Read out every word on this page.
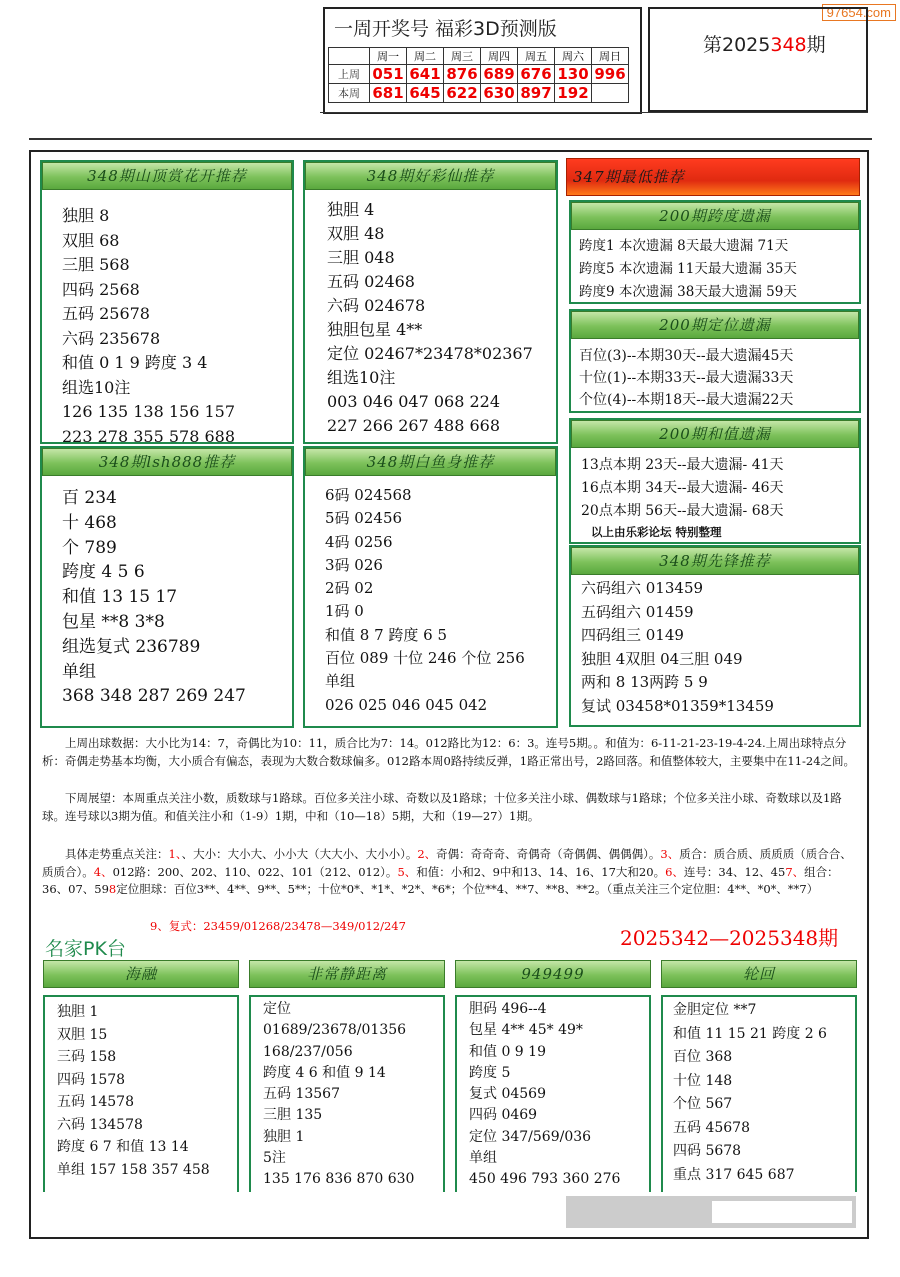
97654.com
一周开奖号 福彩3D预测版
	周一	周二	周三	周四	周五	周六	周日
上周	051	641	876	689	676	130	996
本周	681	645	622	630	897	192	
第2025348期
348期山顶赏花开推荐
独胆 8
双胆 68
三胆 568
四码 2568
五码 25678
六码 235678
和值 0 1 9 跨度 3 4
组选10注
126 135 138 156 157
223 278 355 578 688
348期好彩仙推荐
独胆 4
双胆 48
三胆 048
五码 02468
六码 024678
独胆包星 4**
定位 02467*23478*02367
组选10注
003 046 047 068 224
227 266 267 488 668
348期lsh888推荐
百 234
十 468
个 789
跨度 4 5 6
和值 13 15 17
包星 **8 3*8
组选复式 236789
单组
368 348 287 269 247
348期白鱼身推荐
6码 024568
5码 02456
4码 0256
3码 026
2码 02
1码 0
和值 8 7 跨度 6 5
百位 089 十位 246 个位 256
单组
026 025 046 045 042
347期最低推荐
200期跨度遗漏
跨度1 本次遗漏 8天最大遗漏 71天
跨度5 本次遗漏 11天最大遗漏 35天
跨度9 本次遗漏 38天最大遗漏 59天
200期定位遗漏
百位(3)--本期30天--最大遗漏45天
十位(1)--本期33天--最大遗漏33天
个位(4)--本期18天--最大遗漏22天
200期和值遗漏
13点本期 23天--最大遗漏- 41天
16点本期 34天--最大遗漏- 46天
20点本期 56天--最大遗漏- 68天
以上由乐彩论坛 特别整理
348期先锋推荐
六码组六 013459
五码组六 01459
四码组三 0149
独胆 4双胆 04三胆 049
两和 8 13两跨 5 9
复试 03458*01359*13459
上周出球数据：大小比为14：7，奇偶比为10：11，质合比为7：14。012路比为12：6：3。连号5期。。和值为：6-11-21-23-19-4-24.上周出球特点分析：奇偶走势基本均衡，大小质合有偏态，表现为大数合数球偏多。012路本周0路持续反弹，1路正常出号，2路回落。和值整体较大，主要集中在11-24之间。
下周展望：本周重点关注小数，质数球与1路球。百位多关注小球、奇数以及1路球；十位多关注小球、偶数球与1路球；个位多关注小球、奇数球以及1路球。连号球以3期为值。和值关注小和（1-9）1期，中和（10—18）5期，大和（19—27）1期。
具体走势重点关注：1、、大小：大小大、小小大（大大小、大小小）。2、奇偶：奇奇奇、奇偶奇（奇偶偶、偶偶偶）。3、质合：质合质、质质质（质合合、质质合）。4、012路：200、202、110、022、101（212、012）。5、和值：小和2、9中和13、14、16、17大和20。6、连号：34、12、457、组合：36、07、598定位胆球：百位3**、4**、9**、5**；十位*0*、*1*、*2*、*6*；个位**4、**7、**8、**2。（重点关注三个定位胆：4**、*0*、**7）
9、复式：23459/01268/23478—349/012/247
名家PK台	2025342—2025348期
海融	非常静距离	949499	轮回
独胆 1
双胆 15
三码 158
四码 1578
五码 14578
六码 134578
跨度 6 7 和值 13 14
单组 157 158 357 458
定位
01689/23678/01356
168/237/056
跨度 4 6 和值 9 14
五码 13567
三胆 135
独胆 1
5注
135 176 836 870 630
胆码 496--4
包星 4** 45* 49*
和值 0 9 19
跨度 5
复式 04569
四码 0469
定位 347/569/036
单组
450 496 793 360 276
金胆定位 **7
和值 11 15 21 跨度 2 6
百位 368
十位 148
个位 567
五码 45678
四码 5678
重点 317 645 687
